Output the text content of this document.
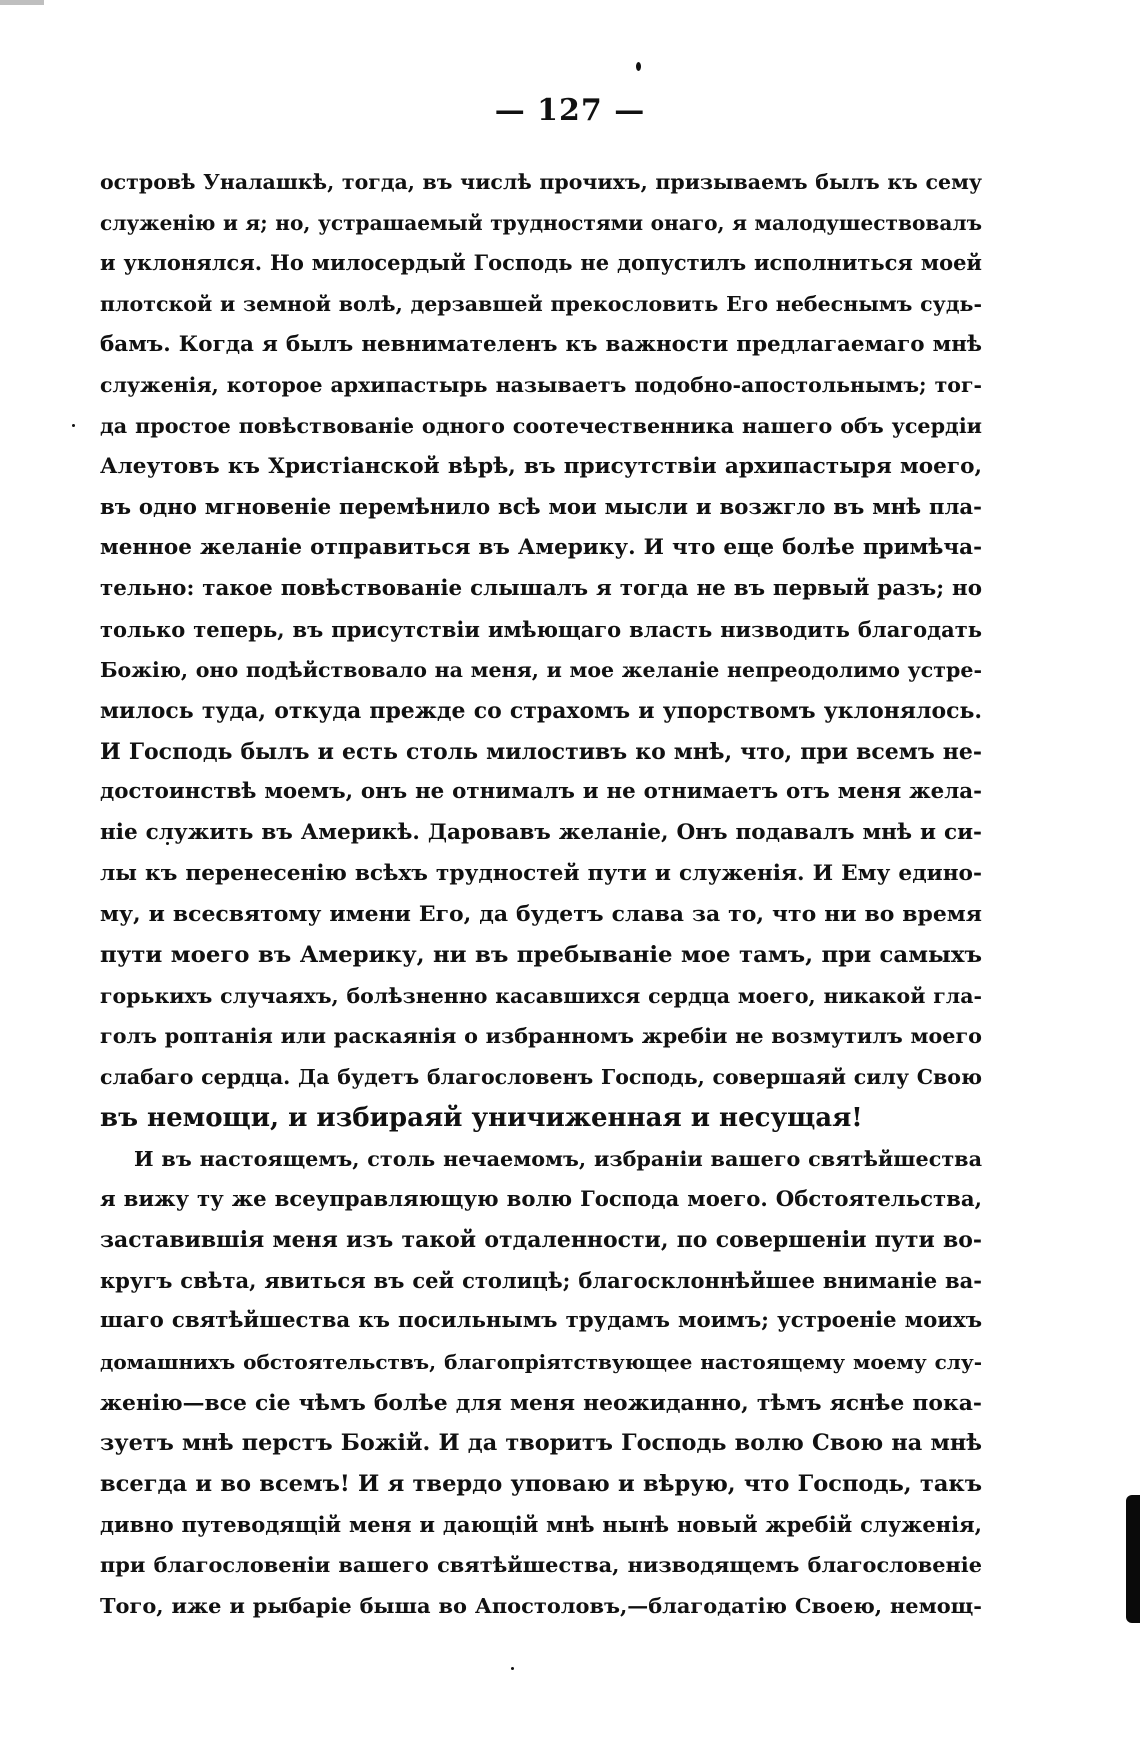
— 127 —
островѣ Уналашкѣ, тогда, въ числѣ прочихъ, призываемъ былъ къ сему
служенію и я; но, устрашаемый трудностями онаго, я малодушествовалъ
и уклонялся. Но милосердый Господь не допустилъ исполниться моей
плотской и земной волѣ, дерзавшей прекословить Его небеснымъ судь-
бамъ. Когда я былъ невнимателенъ къ важности предлагаемаго мнѣ
служенія, которое архипастырь называетъ подобно-апостольнымъ; тог-
да простое повѣствованіе одного соотечественника нашего объ усердіи
Алеутовъ къ Христіанской вѣрѣ, въ присутствіи архипастыря моего,
въ одно мгновеніе перемѣнило всѣ мои мысли и возжгло въ мнѣ пла-
менное желаніе отправиться въ Америку. И что еще болѣе примѣча-
тельно: такое повѣствованіе слышалъ я тогда не въ первый разъ; но
только теперь, въ присутствіи имѣющаго власть низводить благодать
Божію, оно подѣйствовало на меня, и мое желаніе непреодолимо устре-
милось туда, откуда прежде со страхомъ и упорствомъ уклонялось.
И Господь былъ и есть столь милостивъ ко мнѣ, что, при всемъ не-
достоинствѣ моемъ, онъ не отнималъ и не отнимаетъ отъ меня жела-
ніе служить въ Америкѣ. Даровавъ желаніе, Онъ подавалъ мнѣ и си-
лы къ перенесенію всѣхъ трудностей пути и служенія. И Ему едино-
му, и всесвятому имени Его, да будетъ слава за то, что ни во время
пути моего въ Америку, ни въ пребываніе мое тамъ, при самыхъ
горькихъ случаяхъ, болѣзненно касавшихся сердца моего, никакой гла-
голъ роптанія или раскаянія о избранномъ жребіи не возмутилъ моего
слабаго сердца. Да будетъ благословенъ Господь, совершаяй силу Свою
въ немощи, и избираяй уничиженная и несущая!
И въ настоящемъ, столь нечаемомъ, избраніи вашего святѣйшества
я вижу ту же всеуправляющую волю Господа моего. Обстоятельства,
заставившія меня изъ такой отдаленности, по совершеніи пути во-
кругъ свѣта, явиться въ сей столицѣ; благосклоннѣйшее вниманіе ва-
шаго святѣйшества къ посильнымъ трудамъ моимъ; устроеніе моихъ
домашнихъ обстоятельствъ, благопріятствующее настоящему моему слу-
женію—все сіе чѣмъ болѣе для меня неожиданно, тѣмъ яснѣе пока-
зуетъ мнѣ перстъ Божій. И да творитъ Господь волю Свою на мнѣ
всегда и во всемъ! И я твердо уповаю и вѣрую, что Господь, такъ
дивно путеводящій меня и дающій мнѣ нынѣ новый жребій служенія,
при благословеніи вашего святѣйшества, низводящемъ благословеніе
Того, иже и рыбаріе быша во Апостоловъ,—благодатію Своею, немощ-
